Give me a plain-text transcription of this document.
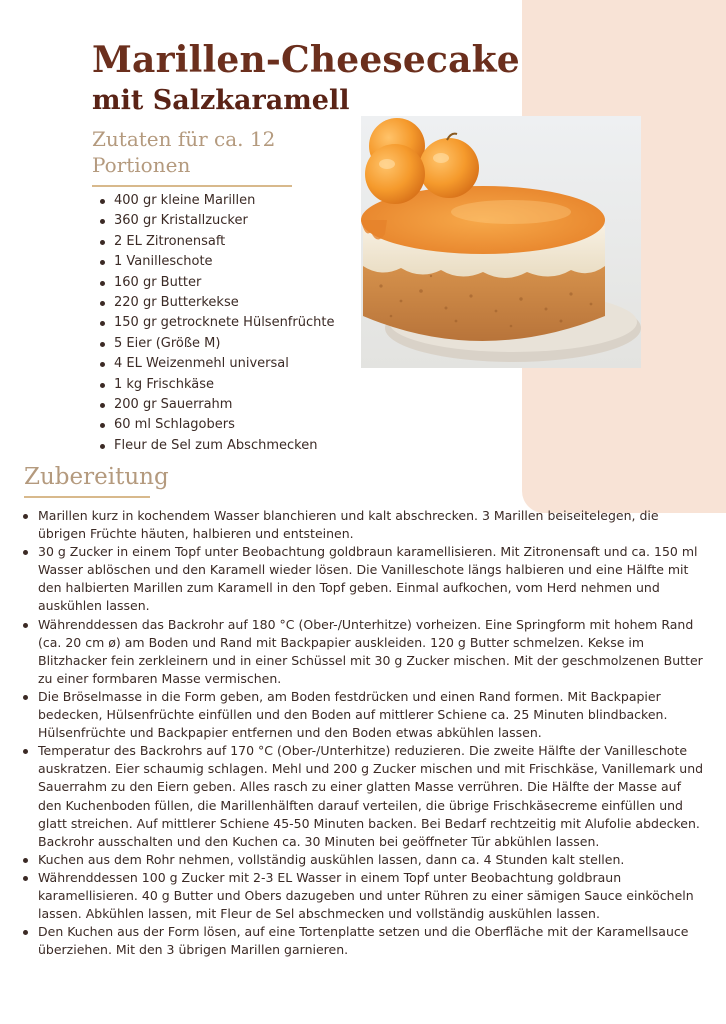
Marillen-Cheesecake
mit Salzkaramell
Zutaten für ca. 12 Portionen
400 gr kleine Marillen
360 gr Kristallzucker
2 EL Zitronensaft
1 Vanilleschote
160 gr Butter
220 gr Butterkekse
150 gr getrocknete Hülsenfrüchte
5 Eier (Größe M)
4 EL Weizenmehl universal
1 kg Frischkäse
200 gr Sauerrahm
60 ml Schlagobers
Fleur de Sel zum Abschmecken
Zubereitung
Marillen kurz in kochendem Wasser blanchieren und kalt abschrecken. 3 Marillen beiseitelegen, die übrigen Früchte häuten, halbieren und entsteinen.
30 g Zucker in einem Topf unter Beobachtung goldbraun karamellisieren. Mit Zitronensaft und ca. 150 ml Wasser ablöschen und den Karamell wieder lösen. Die Vanilleschote längs halbieren und eine Hälfte mit den halbierten Marillen zum Karamell in den Topf geben. Einmal aufkochen, vom Herd nehmen und auskühlen lassen.
Währenddessen das Backrohr auf 180 °C (Ober-/Unterhitze) vorheizen. Eine Springform mit hohem Rand (ca. 20 cm ø) am Boden und Rand mit Backpapier auskleiden. 120 g Butter schmelzen. Kekse im Blitzhacker fein zerkleinern und in einer Schüssel mit 30 g Zucker mischen. Mit der geschmolzenen Butter zu einer formbaren Masse vermischen.
Die Bröselmasse in die Form geben, am Boden festdrücken und einen Rand formen. Mit Backpapier bedecken, Hülsenfrüchte einfüllen und den Boden auf mittlerer Schiene ca. 25 Minuten blindbacken. Hülsenfrüchte und Backpapier entfernen und den Boden etwas abkühlen lassen.
Temperatur des Backrohrs auf 170 °C (Ober-/Unterhitze) reduzieren. Die zweite Hälfte der Vanilleschote auskratzen. Eier schaumig schlagen. Mehl und 200 g Zucker mischen und mit Frischkäse, Vanillemark und Sauerrahm zu den Eiern geben. Alles rasch zu einer glatten Masse verrühren. Die Hälfte der Masse auf den Kuchenboden füllen, die Marillenhälften darauf verteilen, die übrige Frischkäsecreme einfüllen und glatt streichen. Auf mittlerer Schiene 45-50 Minuten backen. Bei Bedarf rechtzeitig mit Alufolie abdecken. Backrohr ausschalten und den Kuchen ca. 30 Minuten bei geöffneter Tür abkühlen lassen.
Kuchen aus dem Rohr nehmen, vollständig auskühlen lassen, dann ca. 4 Stunden kalt stellen.
Währenddessen 100 g Zucker mit 2-3 EL Wasser in einem Topf unter Beobachtung goldbraun karamellisieren. 40 g Butter und Obers dazugeben und unter Rühren zu einer sämigen Sauce einköcheln lassen. Abkühlen lassen, mit Fleur de Sel abschmecken und vollständig auskühlen lassen.
Den Kuchen aus der Form lösen, auf eine Tortenplatte setzen und die Oberfläche mit der Karamellsauce überziehen. Mit den 3 übrigen Marillen garnieren.
